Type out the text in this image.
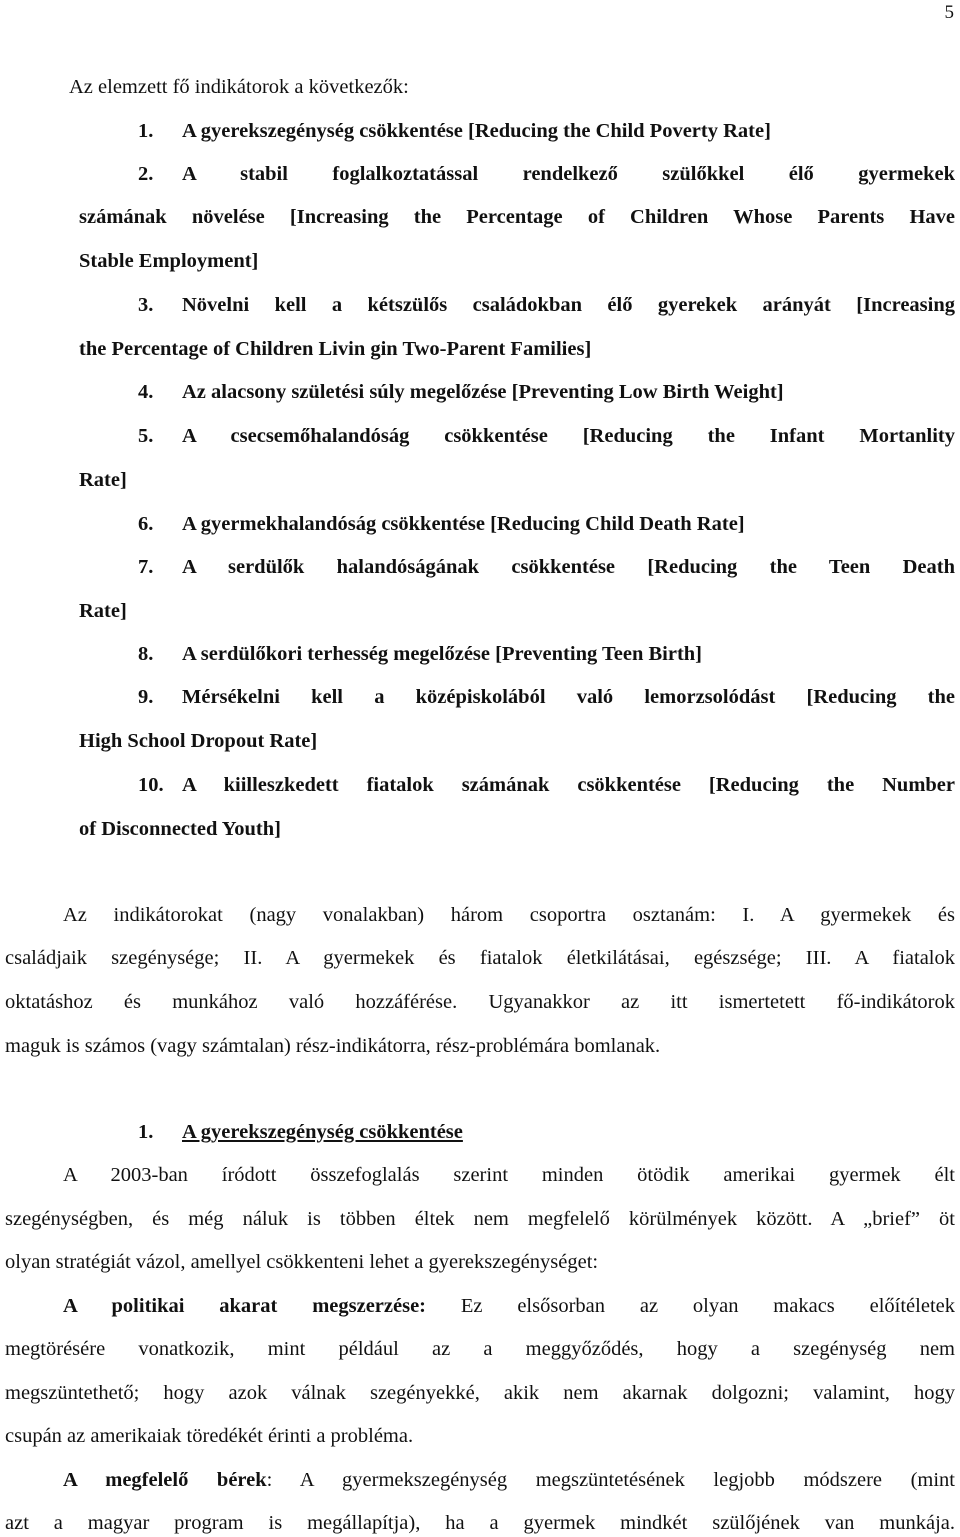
5
Az elemzett fő indikátorok a következők:
1. A gyerekszegénység csökkentése [Reducing the Child Poverty Rate]
2. A stabil foglalkoztatással rendelkező szülőkkel élő gyermekek
számának növelése [Increasing the Percentage of Children Whose Parents Have
Stable Employment]
3. Növelni kell a kétszülős családokban élő gyerekek arányát [Increasing
the Percentage of Children Livin gin Two-Parent Families]
4. Az alacsony születési súly megelőzése [Preventing Low Birth Weight]
5. A csecsemőhalandóság csökkentése [Reducing the Infant Mortanlity
Rate]
6. A gyermekhalandóság csökkentése [Reducing Child Death Rate]
7. A serdülők halandóságának csökkentése [Reducing the Teen Death
Rate]
8. A serdülőkori terhesség megelőzése [Preventing Teen Birth]
9. Mérsékelni kell a középiskolából való lemorzsolódást [Reducing the
High School Dropout Rate]
10. A kiilleszkedett fiatalok számának csökkentése [Reducing the Number
of Disconnected Youth]
Az indikátorokat (nagy vonalakban) három csoportra osztanám: I. A gyermekek és
családjaik szegénysége; II. A gyermekek és fiatalok életkilátásai, egészsége; III. A fiatalok
oktatáshoz és munkához való hozzáférése. Ugyanakkor az itt ismertetett fő-indikátorok
maguk is számos (vagy számtalan) rész-indikátorra, rész-problémára bomlanak.
1. A gyerekszegénység csökkentése
A 2003-ban íródott összefoglalás szerint minden ötödik amerikai gyermek élt
szegénységben, és még náluk is többen éltek nem megfelelő körülmények között. A „brief” öt
olyan stratégiát vázol, amellyel csökkenteni lehet a gyerekszegénységet:
A politikai akarat megszerzése: Ez elsősorban az olyan makacs előítéletek
megtörésére vonatkozik, mint például az a meggyőződés, hogy a szegénység nem
megszüntethető; hogy azok válnak szegényekké, akik nem akarnak dolgozni; valamint, hogy
csupán az amerikaiak töredékét érinti a probléma.
A megfelelő bérek: A gyermekszegénység megszüntetésének legjobb módszere (mint
azt a magyar program is megállapítja), ha a gyermek mindkét szülőjének van munkája.
